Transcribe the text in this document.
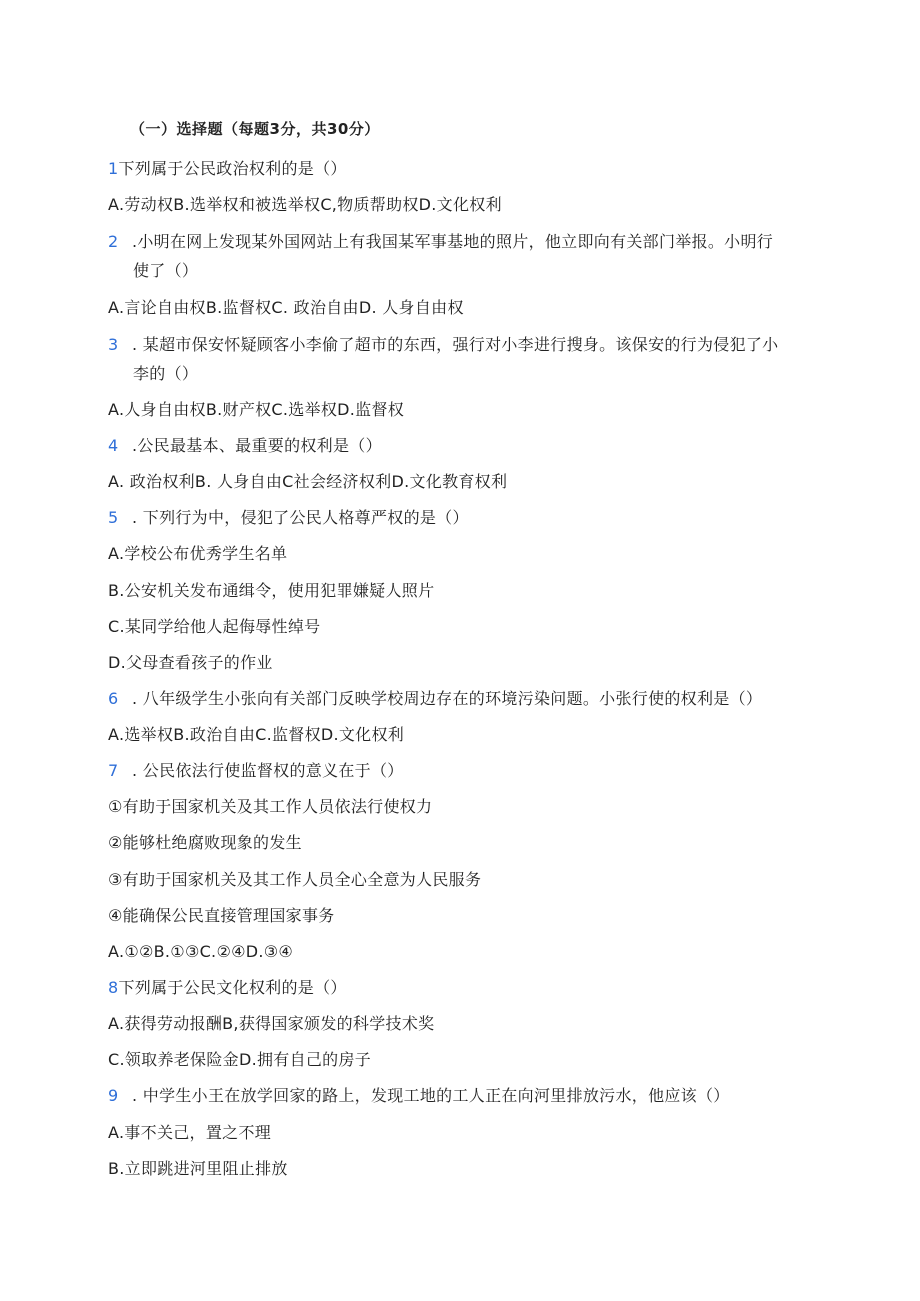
（一）选择题（每题3分，共30分）
1下列属于公民政治权利的是（）
A.劳动权B.选举权和被选举权C,物质帮助权D.文化权利
2 .小明在网上发现某外国网站上有我国某军事基地的照片，他立即向有关部门举报。小明行
使了（）
A.言论自由权B.监督权C. 政治自由D. 人身自由权
3 . 某超市保安怀疑顾客小李偷了超市的东西，强行对小李进行搜身。该保安的行为侵犯了小
李的（）
A.人身自由权B.财产权C.选举权D.监督权
4 .公民最基本、最重要的权利是（）
A. 政治权利B. 人身自由C社会经济权利D.文化教育权利
5 . 下列行为中，侵犯了公民人格尊严权的是（）
A.学校公布优秀学生名单
B.公安机关发布通缉令，使用犯罪嫌疑人照片
C.某同学给他人起侮辱性绰号
D.父母查看孩子的作业
6 . 八年级学生小张向有关部门反映学校周边存在的环境污染问题。小张行使的权利是（）
A.选举权B.政治自由C.监督权D.文化权利
7 . 公民依法行使监督权的意义在于（）
①有助于国家机关及其工作人员依法行使权力
②能够杜绝腐败现象的发生
③有助于国家机关及其工作人员全心全意为人民服务
④能确保公民直接管理国家事务
A.①②B.①③C.②④D.③④
8下列属于公民文化权利的是（）
A.获得劳动报酬B,获得国家颁发的科学技术奖
C.领取养老保险金D.拥有自己的房子
9 . 中学生小王在放学回家的路上，发现工地的工人正在向河里排放污水，他应该（）
A.事不关己，置之不理
B.立即跳进河里阻止排放
